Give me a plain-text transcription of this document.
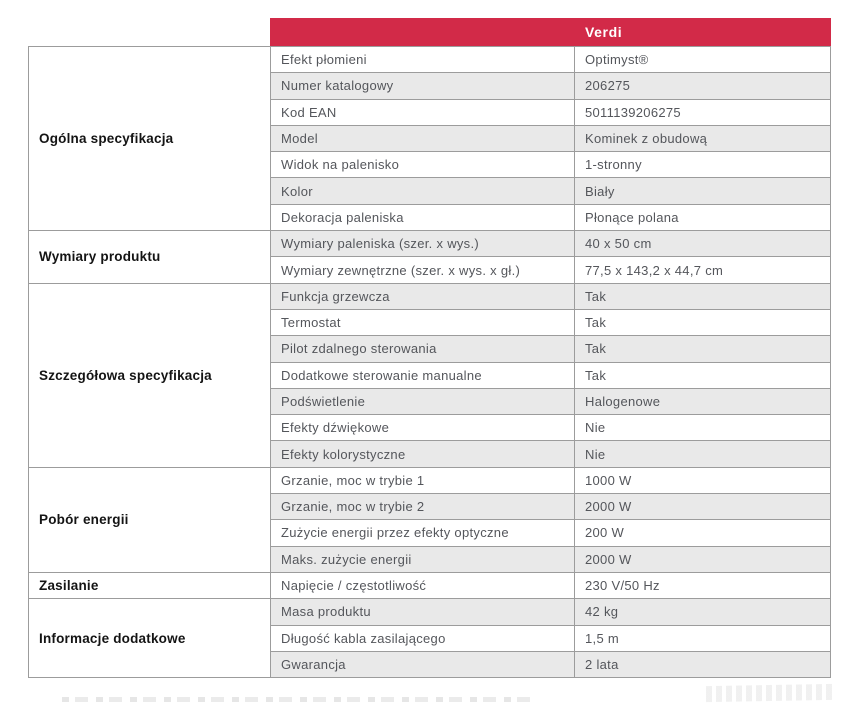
Verdi
Ogólna specyfikacja
Efekt płomieni	Optimyst®
Numer katalogowy	206275
Kod EAN	5011139206275
Model	Kominek z obudową
Widok na palenisko	1-stronny
Kolor	Biały
Dekoracja paleniska	Płonące polana
Wymiary produktu
Wymiary paleniska (szer. x wys.)	40 x 50 cm
Wymiary zewnętrzne (szer. x wys. x gł.)	77,5 x 143,2 x 44,7 cm
Szczegółowa specyfikacja
Funkcja grzewcza	Tak
Termostat	Tak
Pilot zdalnego sterowania	Tak
Dodatkowe sterowanie manualne	Tak
Podświetlenie	Halogenowe
Efekty dźwiękowe	Nie
Efekty kolorystyczne	Nie
Pobór energii
Grzanie, moc w trybie 1	1000 W
Grzanie, moc w trybie 2	2000 W
Zużycie energii przez efekty optyczne	200 W
Maks. zużycie energii	2000 W
Zasilanie	Napięcie / częstotliwość	230 V/50 Hz
Informacje dodatkowe
Masa produktu	42 kg
Długość kabla zasilającego	1,5 m
Gwarancja	2 lata
